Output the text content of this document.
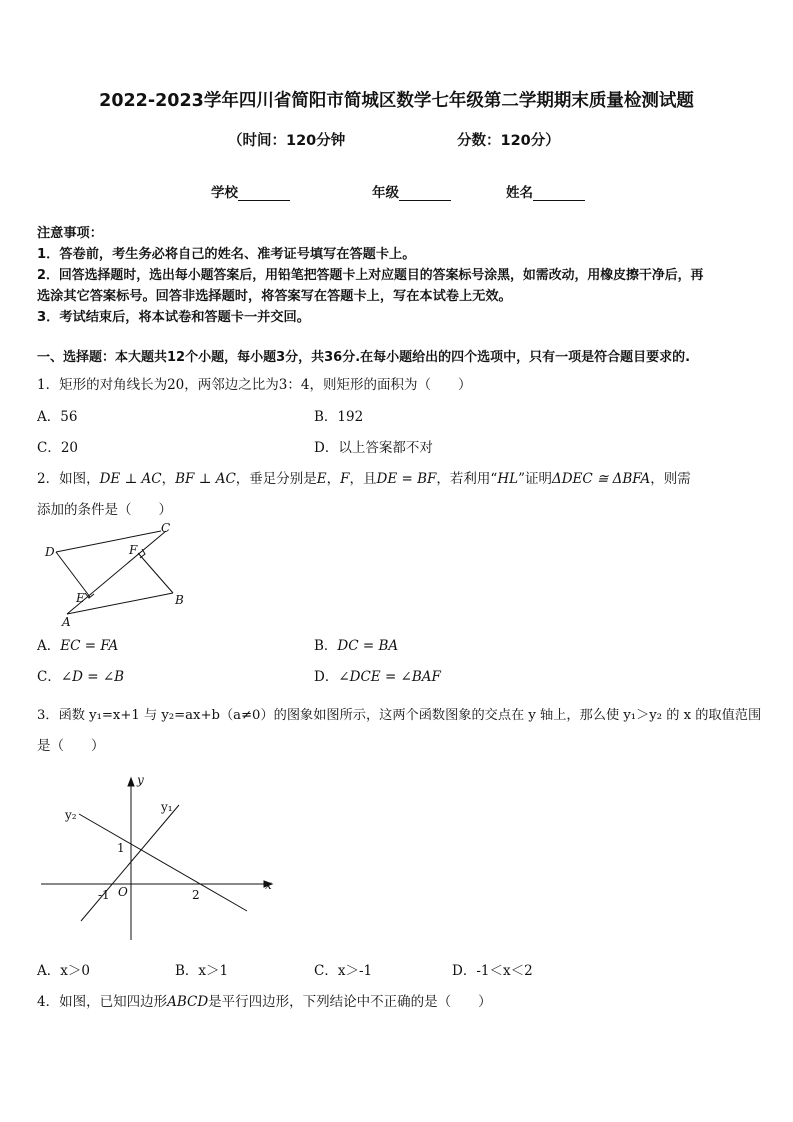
2022-2023学年四川省简阳市简城区数学七年级第二学期期末质量检测试题
（时间：120分钟	分数：120分）
学校	年级	姓名
注意事项：
1．答卷前，考生务必将自己的姓名、准考证号填写在答题卡上。
2．回答选择题时，选出每小题答案后，用铅笔把答题卡上对应题目的答案标号涂黑，如需改动，用橡皮擦干净后，再
选涂其它答案标号。回答非选择题时，将答案写在答题卡上，写在本试卷上无效。
3．考试结束后，将本试卷和答题卡一并交回。
一、选择题：本大题共12个小题，每小题3分，共36分.在每小题给出的四个选项中，只有一项是符合题目要求的.
1．矩形的对角线长为20，两邻边之比为3：4，则矩形的面积为（　　）
A．56	B．192
C．20	D．以上答案都不对
2．如图，DE ⊥ AC，BF ⊥ AC，垂足分别是E，F，且DE = BF，若利用“HL”证明ΔDEC ≅ ΔBFA，则需
添加的条件是（　　）
C
D	F
E
A
B
A．EC = FA	B．DC = BA
C．∠D = ∠B	D．∠DCE = ∠BAF
3．函数 y₁=x+1 与 y₂=ax+b（a≠0）的图象如图所示，这两个函数图象的交点在 y 轴上，那么使 y₁＞y₂ 的 x 的取值范围
是（　　）
y
x
y₁
y₂
1
-1 O	2
A．x＞0	B．x＞1	C．x＞-1	D．-1＜x＜2
4．如图，已知四边形ABCD是平行四边形，下列结论中不正确的是（　　）
